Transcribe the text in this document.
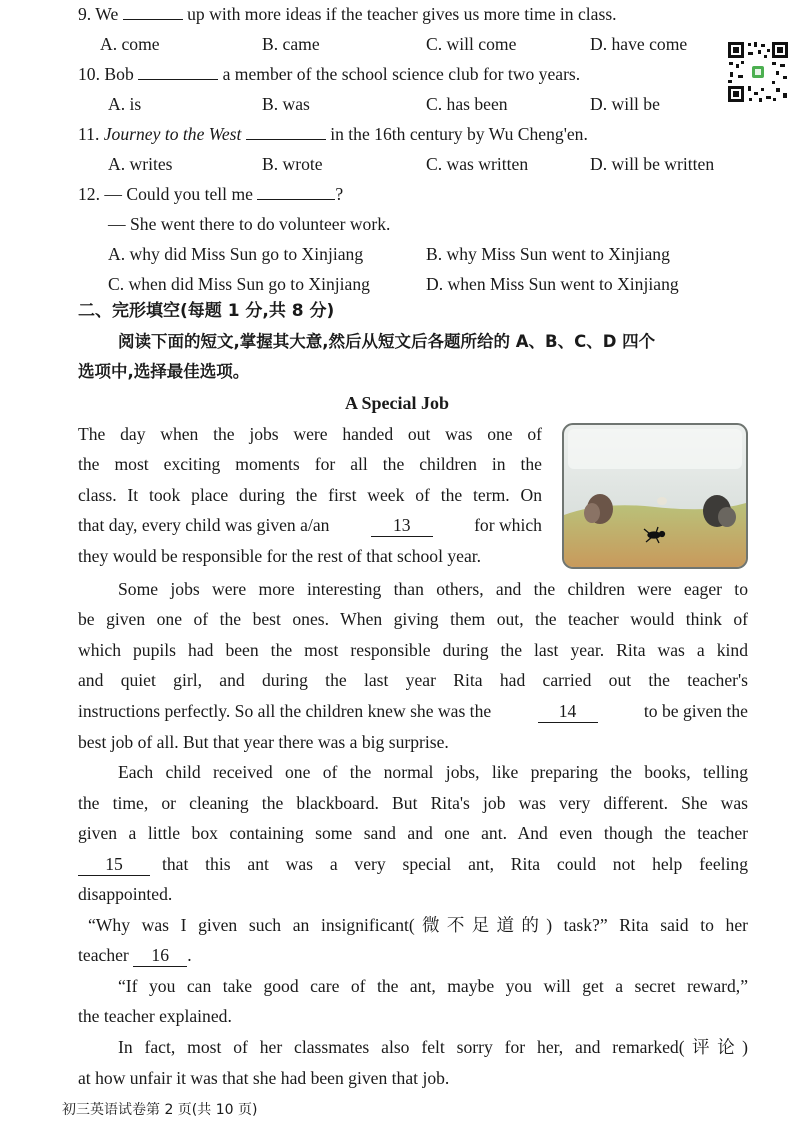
9. We	up with more ideas if the teacher gives us more time in class.
A. come	B. came	C. will come	D. have come
10. Bob	a member of the school science club for two years.
A. is	B. was	C. has been	D. will be
11. Journey to the West	in the 16th century by Wu Cheng'en.
A. writes	B. wrote	C. was written	D. will be written
12. — Could you tell me	?
— She went there to do volunteer work.
A. why did Miss Sun go to Xinjiang	B. why Miss Sun went to Xinjiang
C. when did Miss Sun go to Xinjiang	D. when Miss Sun went to Xinjiang
二、完形填空(每题 1 分,共 8 分)
阅读下面的短文,掌握其大意,然后从短文后各题所给的 A、B、C、D 四个
选项中,选择最佳选项。
A Special Job
The day when the jobs were handed out was one of
the most exciting moments for all the children in the
class. It took place during the first week of the term. On
that day, every child was given a/an	13	for which
they would be responsible for the rest of that school year.
Some jobs were more interesting than others, and the children were eager to
be given one of the best ones. When giving them out, the teacher would think of
which pupils had been the most responsible during the last year. Rita was a kind
and quiet girl, and during the last year Rita had carried out the teacher's
instructions perfectly. So all the children knew she was the	14	to be given the
best job of all. But that year there was a big surprise.
Each child received one of the normal jobs, like preparing the books, telling
the time, or cleaning the blackboard. But Rita's job was very different. She was
given a little box containing some sand and one ant. And even though the teacher
15	that this ant was a very special ant, Rita could not help feeling
disappointed.
“Why was I given such an insignificant(微不足道的) task?” Rita said to her
teacher 16 .
“If you can take good care of the ant, maybe you will get a secret reward,”
the teacher explained.
In fact, most of her classmates also felt sorry for her, and remarked(评论)
at how unfair it was that she had been given that job.
初三英语试卷第 2 页(共 10 页)
